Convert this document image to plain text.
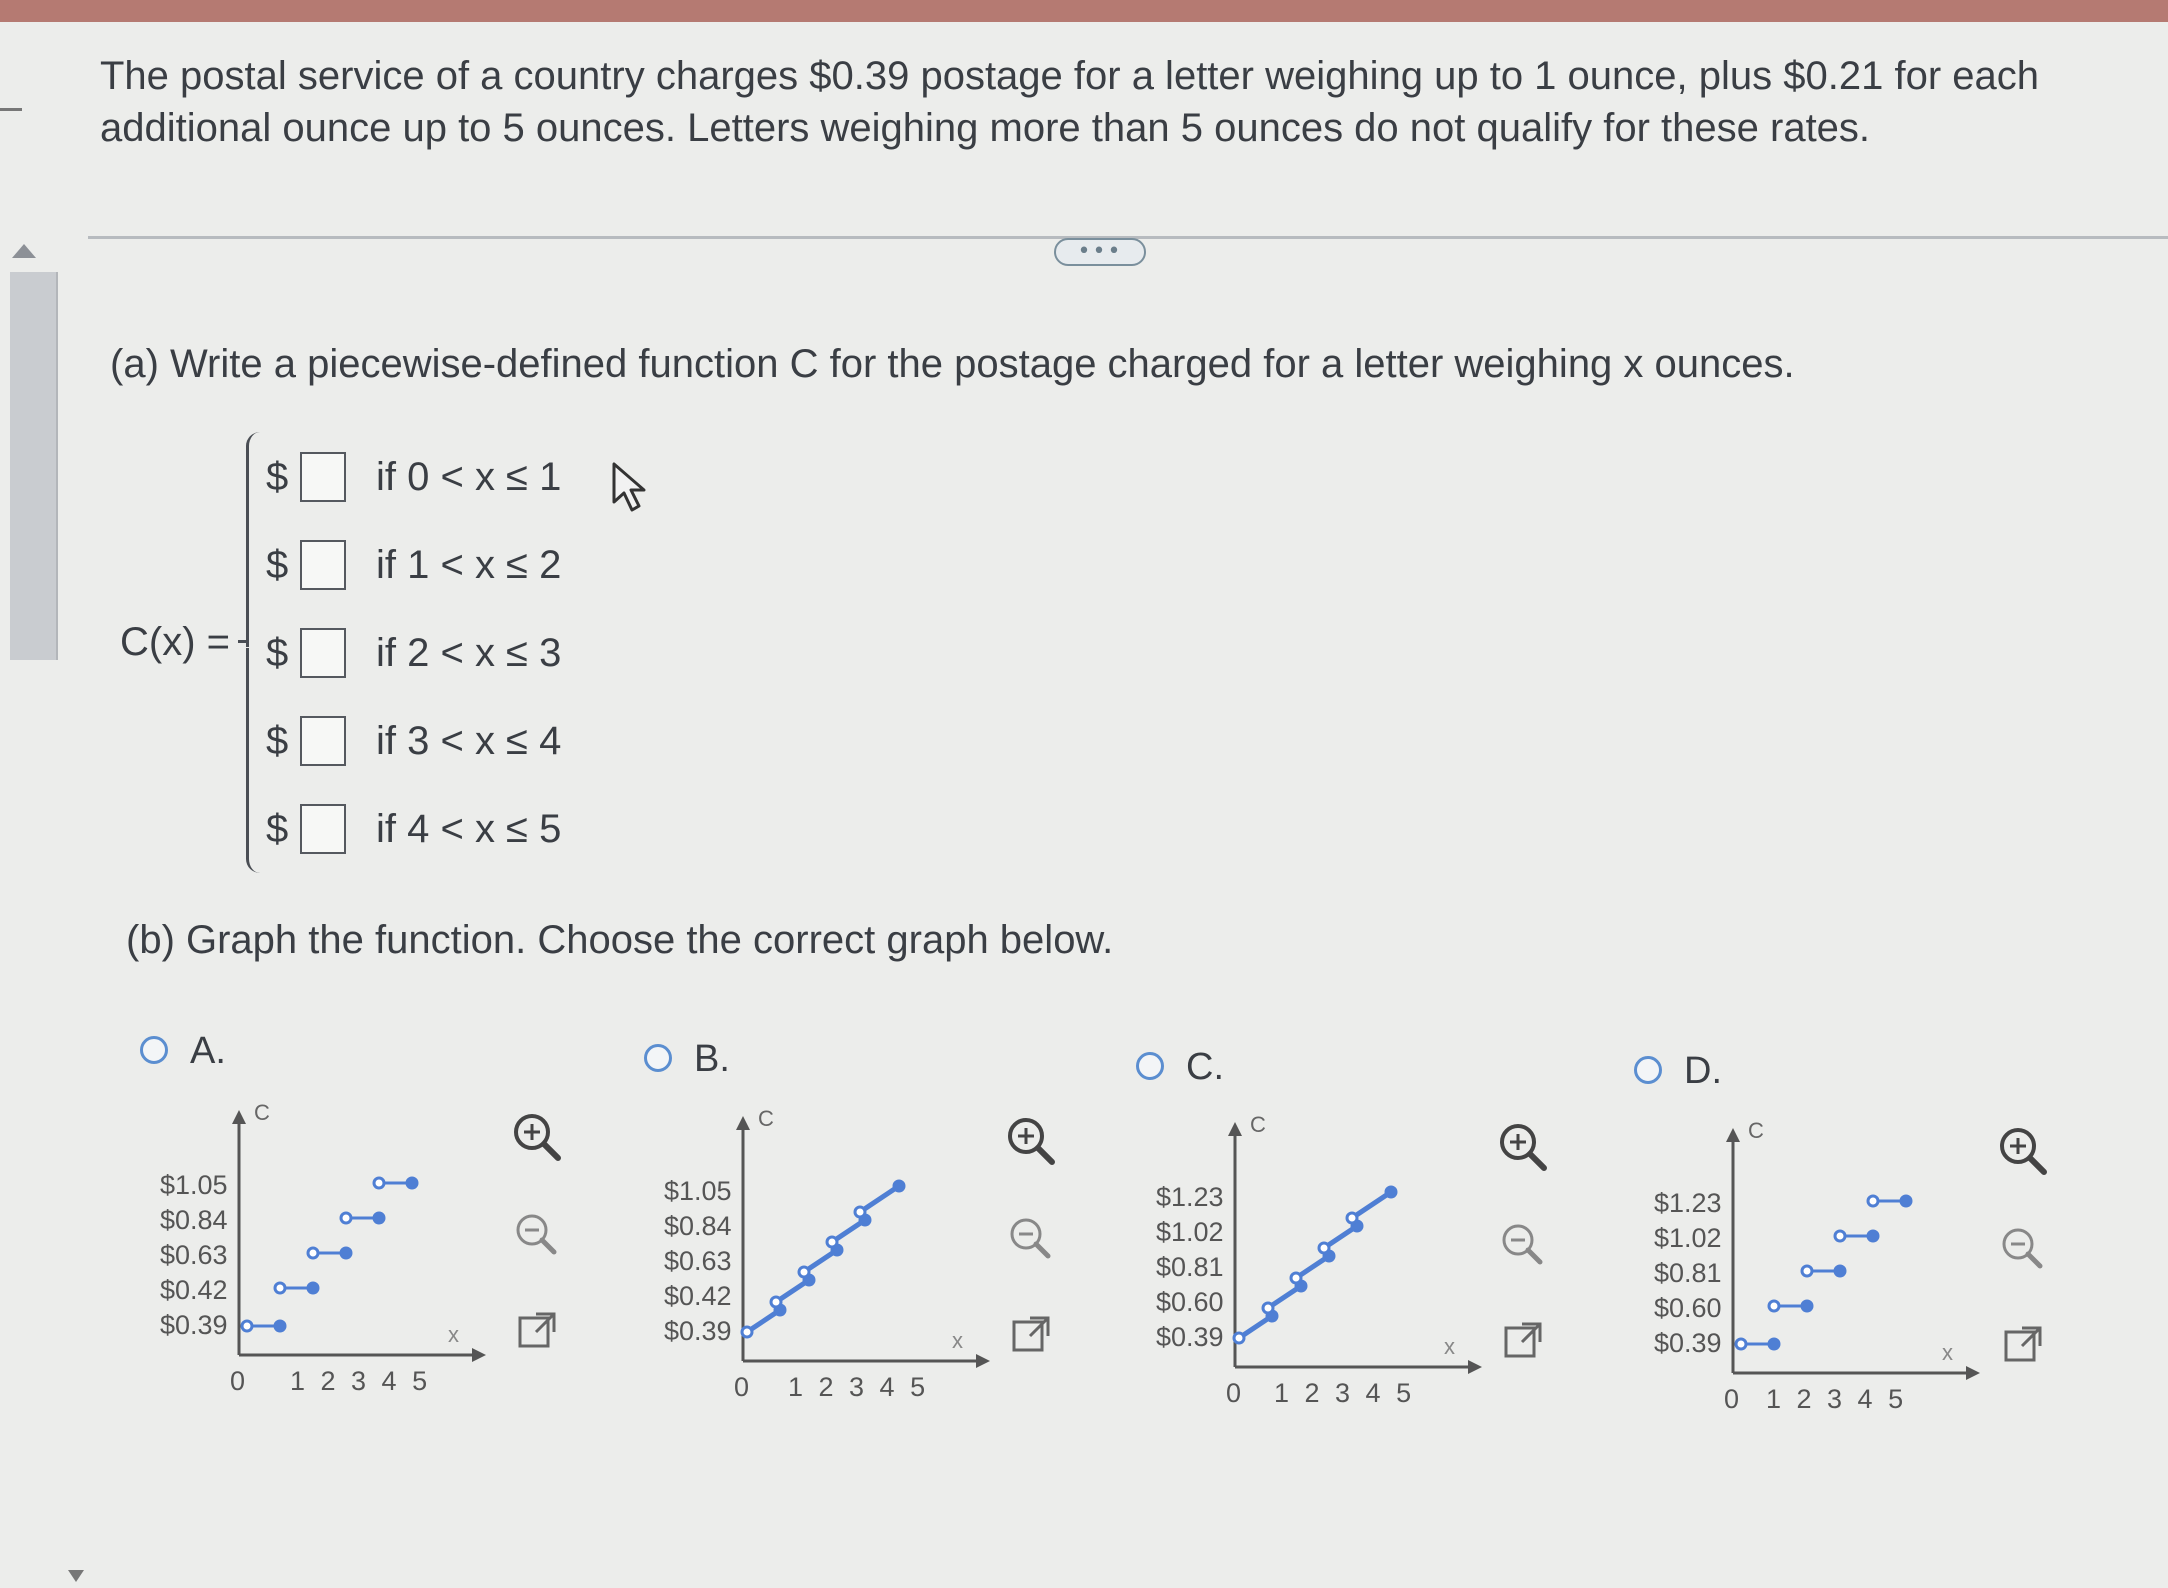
The postal service of a country charges $0.39 postage for a letter weighing up to 1 ounce, plus $0.21 for each additional ounce up to 5 ounces. Letters weighing more than 5 ounces do not qualify for these rates.
•••
(a) Write a piecewise-defined function C for the postage charged for a letter weighing x ounces.
C(x) =
$ if 0 < x ≤ 1
$ if 1 < x ≤ 2
$ if 2 < x ≤ 3
$ if 3 < x ≤ 4
$ if 4 < x ≤ 5
(b) Graph the function. Choose the correct graph below.
A.
C
x
$1.05
$0.84
$0.63
$0.42
$0.39
0 1 2 3 4 5
B.
C
x
$1.05
$0.84
$0.63
$0.42
$0.39
0 1 2 3 4 5
C.
C
x
$1.23
$1.02
$0.81
$0.60
$0.39
0 1 2 3 4 5
D.
C
x
$1.23
$1.02
$0.81
$0.60
$0.39
0 1 2 3 4 5
